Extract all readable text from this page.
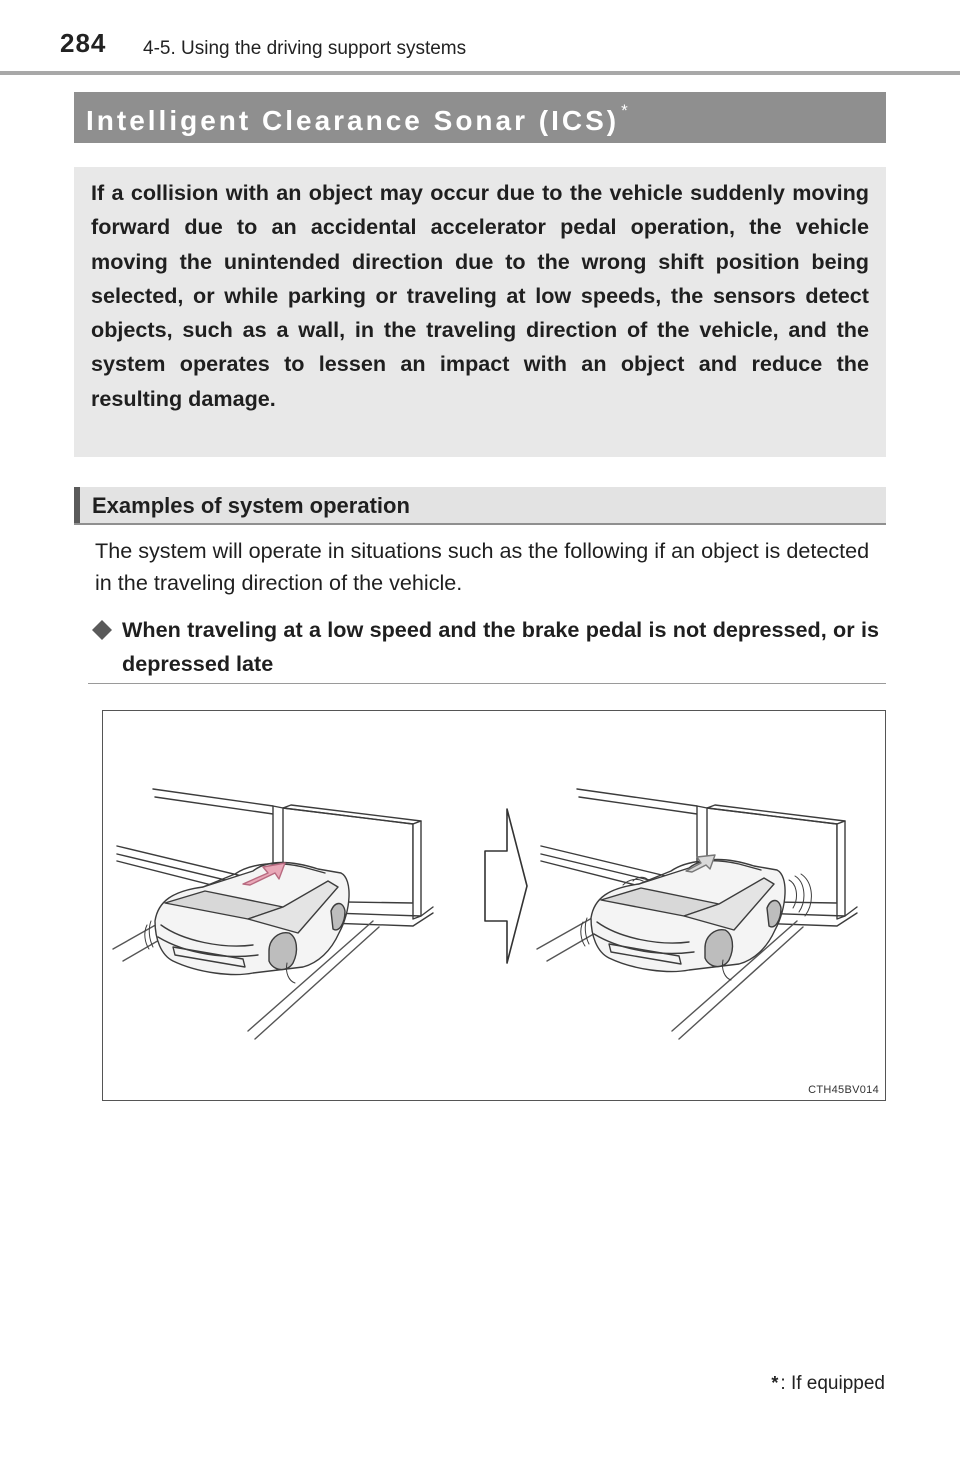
284 4-5. Using the driving support systems
Intelligent Clearance Sonar (ICS) *

If a collision with an object may occur due to the vehicle suddenly moving forward due to an accidental accelerator pedal operation, the vehicle moving the unintended direction due to the wrong shift position being selected, or while parking or traveling at low speeds, the sensors detect objects, such as a wall, in the traveling direction of the vehicle, and the system operates to lessen an impact with an object and reduce the resulting damage.

Examples of system operation

The system will operate in situations such as the following if an object is detected in the traveling direction of the vehicle.

When traveling at a low speed and the brake pedal is not depressed, or is depressed late

CTH45BV014
* : If equipped
